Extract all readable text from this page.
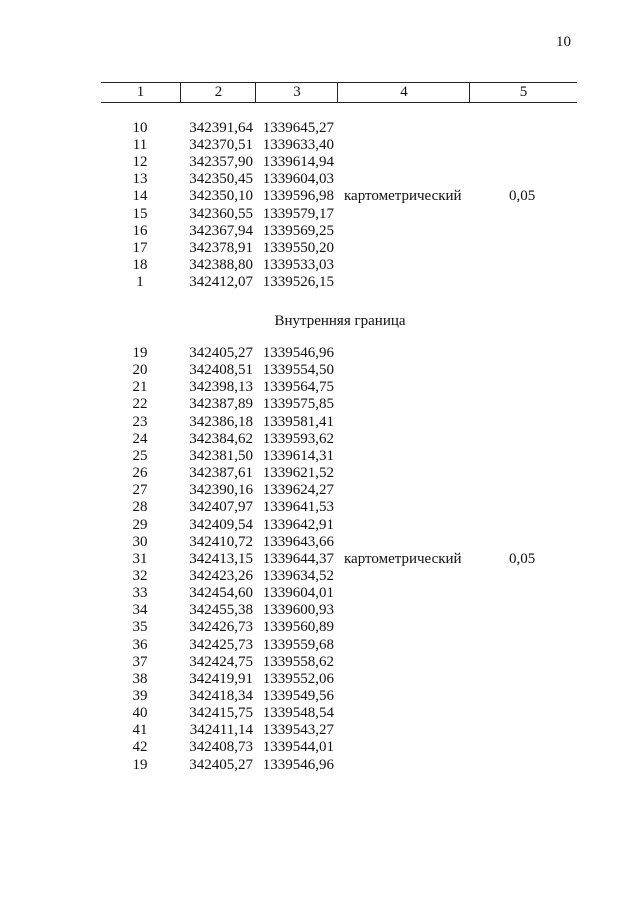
10
1	2	3	4	5
10	342391,64 1339645,27
11	342370,51 1339633,40
12	342357,90 1339614,94
13	342350,45 1339604,03
14	342350,10 1339596,98 картометрический	0,05
15	342360,55 1339579,17
16	342367,94 1339569,25
17	342378,91 1339550,20
18	342388,80 1339533,03
1	342412,07 1339526,15
Внутренняя граница
19	342405,27 1339546,96
20	342408,51 1339554,50
21	342398,13 1339564,75
22	342387,89 1339575,85
23	342386,18 1339581,41
24	342384,62 1339593,62
25	342381,50 1339614,31
26	342387,61 1339621,52
27	342390,16 1339624,27
28	342407,97 1339641,53
29	342409,54 1339642,91
30	342410,72 1339643,66
31	342413,15 1339644,37 картометрический	0,05
32	342423,26 1339634,52
33	342454,60 1339604,01
34	342455,38 1339600,93
35	342426,73 1339560,89
36	342425,73 1339559,68
37	342424,75 1339558,62
38	342419,91 1339552,06
39	342418,34 1339549,56
40	342415,75 1339548,54
41	342411,14 1339543,27
42	342408,73 1339544,01
19	342405,27 1339546,96
